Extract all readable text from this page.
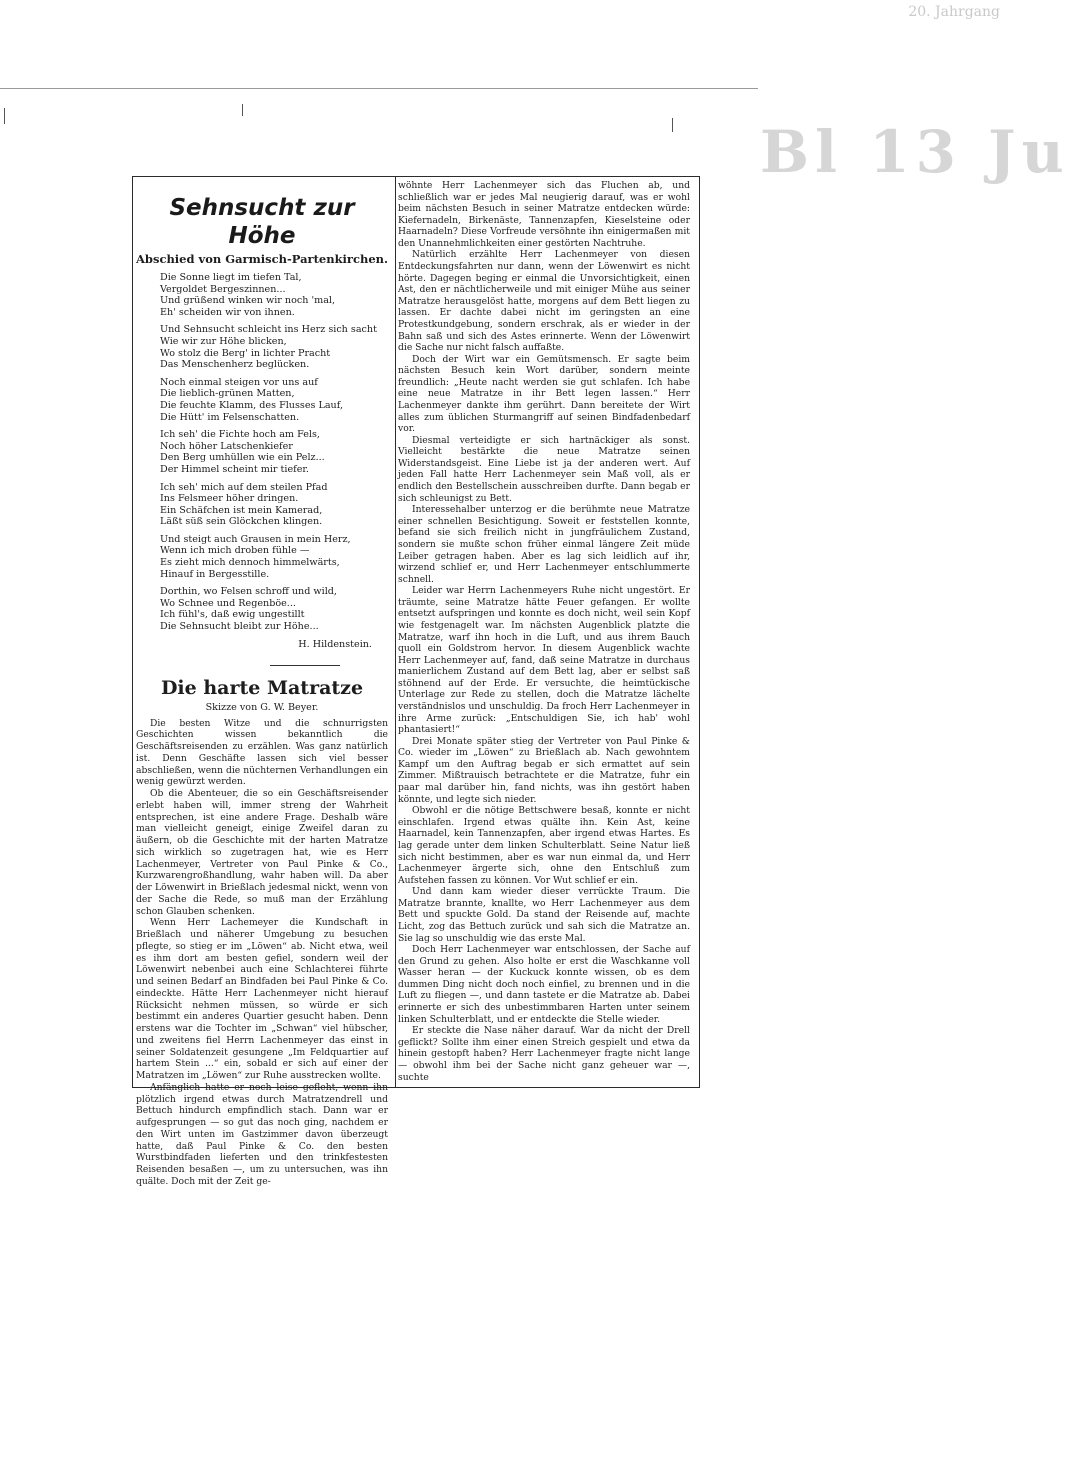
20. Jahrgang
Bl 13 Ju
Sehnsucht zur Höhe
Abschied von Garmisch-Partenkirchen.
Die Sonne liegt im tiefen Tal,
Vergoldet Bergeszinnen...
Und grüßend winken wir noch 'mal,
Eh' scheiden wir von ihnen.
Und Sehnsucht schleicht ins Herz sich sacht
Wie wir zur Höhe blicken,
Wo stolz die Berg' in lichter Pracht
Das Menschenherz beglücken.
Noch einmal steigen vor uns auf
Die lieblich-grünen Matten,
Die feuchte Klamm, des Flusses Lauf,
Die Hütt' im Felsenschatten.
Ich seh' die Fichte hoch am Fels,
Noch höher Latschenkiefer
Den Berg umhüllen wie ein Pelz...
Der Himmel scheint mir tiefer.
Ich seh' mich auf dem steilen Pfad
Ins Felsmeer höher dringen.
Ein Schäfchen ist mein Kamerad,
Läßt süß sein Glöckchen klingen.
Und steigt auch Grausen in mein Herz,
Wenn ich mich droben fühle —
Es zieht mich dennoch himmelwärts,
Hinauf in Bergesstille.
Dorthin, wo Felsen schroff und wild,
Wo Schnee und Regenböe...
Ich fühl's, daß ewig ungestillt
Die Sehnsucht bleibt zur Höhe...
H. Hildenstein.
Die harte Matratze
Skizze von G. W. Beyer.

Die besten Witze und die schnurrigsten Geschichten wissen bekanntlich die Geschäftsreisenden zu erzählen. Was ganz natürlich ist. Denn Geschäfte lassen sich viel besser abschließen, wenn die nüchternen Verhandlungen ein wenig gewürzt werden.

Ob die Abenteuer, die so ein Geschäftsreisender erlebt haben will, immer streng der Wahrheit entsprechen, ist eine andere Frage. Deshalb wäre man vielleicht geneigt, einige Zweifel daran zu äußern, ob die Geschichte mit der harten Matratze sich wirklich so zugetragen hat, wie es Herr Lachenmeyer, Vertreter von Paul Pinke & Co., Kurzwarengroßhandlung, wahr haben will. Da aber der Löwenwirt in Brießlach jedesmal nickt, wenn von der Sache die Rede, so muß man der Erzählung schon Glauben schenken.

Wenn Herr Lachemeyer die Kundschaft in Brießlach und näherer Umgebung zu besuchen pflegte, so stieg er im „Löwen“ ab. Nicht etwa, weil es ihm dort am besten gefiel, sondern weil der Löwenwirt nebenbei auch eine Schlachterei führte und seinen Bedarf an Bindfaden bei Paul Pinke & Co. eindeckte. Hätte Herr Lachenmeyer nicht hierauf Rücksicht nehmen müssen, so würde er sich bestimmt ein anderes Quartier gesucht haben. Denn erstens war die Tochter im „Schwan“ viel hübscher, und zweitens fiel Herrn Lachenmeyer das einst in seiner Soldatenzeit gesungene „Im Feldquartier auf hartem Stein ...“ ein, sobald er sich auf einer der Matratzen im „Löwen“ zur Ruhe ausstrecken wollte.

Anfänglich hatte er noch leise gefleht, wenn ihn plötzlich irgend etwas durch Matratzendrell und Bettuch hindurch empfindlich stach. Dann war er aufgesprungen — so gut das noch ging, nachdem er den Wirt unten im Gastzimmer davon überzeugt hatte, daß Paul Pinke & Co. den besten Wurstbindfaden lieferten und den trinkfestesten Reisenden besaßen —, um zu untersuchen, was ihn quälte. Doch mit der Zeit ge-

wöhnte Herr Lachenmeyer sich das Fluchen ab, und schließlich war er jedes Mal neugierig darauf, was er wohl beim nächsten Besuch in seiner Matratze entdecken würde: Kiefernadeln, Birkenäste, Tannenzapfen, Kieselsteine oder Haarnadeln? Diese Vorfreude versöhnte ihn einigermaßen mit den Unannehmlichkeiten einer gestörten Nachtruhe.

Natürlich erzählte Herr Lachenmeyer von diesen Entdeckungsfahrten nur dann, wenn der Löwenwirt es nicht hörte. Dagegen beging er einmal die Unvorsichtigkeit, einen Ast, den er nächtlicherweile und mit einiger Mühe aus seiner Matratze herausgelöst hatte, morgens auf dem Bett liegen zu lassen. Er dachte dabei nicht im geringsten an eine Protestkundgebung, sondern erschrak, als er wieder in der Bahn saß und sich des Astes erinnerte. Wenn der Löwenwirt die Sache nur nicht falsch auffaßte.

Doch der Wirt war ein Gemütsmensch. Er sagte beim nächsten Besuch kein Wort darüber, sondern meinte freundlich: „Heute nacht werden sie gut schlafen. Ich habe eine neue Matratze in ihr Bett legen lassen.“ Herr Lachenmeyer dankte ihm gerührt. Dann bereitete der Wirt alles zum üblichen Sturmangriff auf seinen Bindfadenbedarf vor.

Diesmal verteidigte er sich hartnäckiger als sonst. Vielleicht bestärkte die neue Matratze seinen Widerstandsgeist. Eine Liebe ist ja der anderen wert. Auf jeden Fall hatte Herr Lachenmeyer sein Maß voll, als er endlich den Bestellschein ausschreiben durfte. Dann begab er sich schleunigst zu Bett.

Interessehalber unterzog er die berühmte neue Matratze einer schnellen Besichtigung. Soweit er feststellen konnte, befand sie sich freilich nicht in jungfräulichem Zustand, sondern sie mußte schon früher einmal längere Zeit müde Leiber getragen haben. Aber es lag sich leidlich auf ihr, wirzend schlief er, und Herr Lachenmeyer entschlummerte schnell.

Leider war Herrn Lachenmeyers Ruhe nicht ungestört. Er träumte, seine Matratze hätte Feuer gefangen. Er wollte entsetzt aufspringen und konnte es doch nicht, weil sein Kopf wie festgenagelt war. Im nächsten Augenblick platzte die Matratze, warf ihn hoch in die Luft, und aus ihrem Bauch quoll ein Goldstrom hervor. In diesem Augenblick wachte Herr Lachenmeyer auf, fand, daß seine Matratze in durchaus manierlichem Zustand auf dem Bett lag, aber er selbst saß stöhnend auf der Erde. Er versuchte, die heimtückische Unterlage zur Rede zu stellen, doch die Matratze lächelte verständnislos und unschuldig. Da froch Herr Lachenmeyer in ihre Arme zurück: „Entschuldigen Sie, ich hab' wohl phantasiert!“

Drei Monate später stieg der Vertreter von Paul Pinke & Co. wieder im „Löwen“ zu Brießlach ab. Nach gewohntem Kampf um den Auftrag begab er sich ermattet auf sein Zimmer. Mißtrauisch betrachtete er die Matratze, fuhr ein paar mal darüber hin, fand nichts, was ihn gestört haben könnte, und legte sich nieder.

Obwohl er die nötige Bettschwere besaß, konnte er nicht einschlafen. Irgend etwas quälte ihn. Kein Ast, keine Haarnadel, kein Tannenzapfen, aber irgend etwas Hartes. Es lag gerade unter dem linken Schulterblatt. Seine Natur ließ sich nicht bestimmen, aber es war nun einmal da, und Herr Lachenmeyer ärgerte sich, ohne den Entschluß zum Aufstehen fassen zu können. Vor Wut schlief er ein.

Und dann kam wieder dieser verrückte Traum. Die Matratze brannte, knallte, wo Herr Lachenmeyer aus dem Bett und spuckte Gold. Da stand der Reisende auf, machte Licht, zog das Bettuch zurück und sah sich die Matratze an. Sie lag so unschuldig wie das erste Mal.

Doch Herr Lachenmeyer war entschlossen, der Sache auf den Grund zu gehen. Also holte er erst die Waschkanne voll Wasser heran — der Kuckuck konnte wissen, ob es dem dummen Ding nicht doch noch einfiel, zu brennen und in die Luft zu fliegen —, und dann tastete er die Matratze ab. Dabei erinnerte er sich des unbestimmbaren Harten unter seinem linken Schulterblatt, und er entdeckte die Stelle wieder.

Er steckte die Nase näher darauf. War da nicht der Drell geflickt? Sollte ihm einer einen Streich gespielt und etwa da hinein gestopft haben? Herr Lachenmeyer fragte nicht lange — obwohl ihm bei der Sache nicht ganz geheuer war —, suchte
